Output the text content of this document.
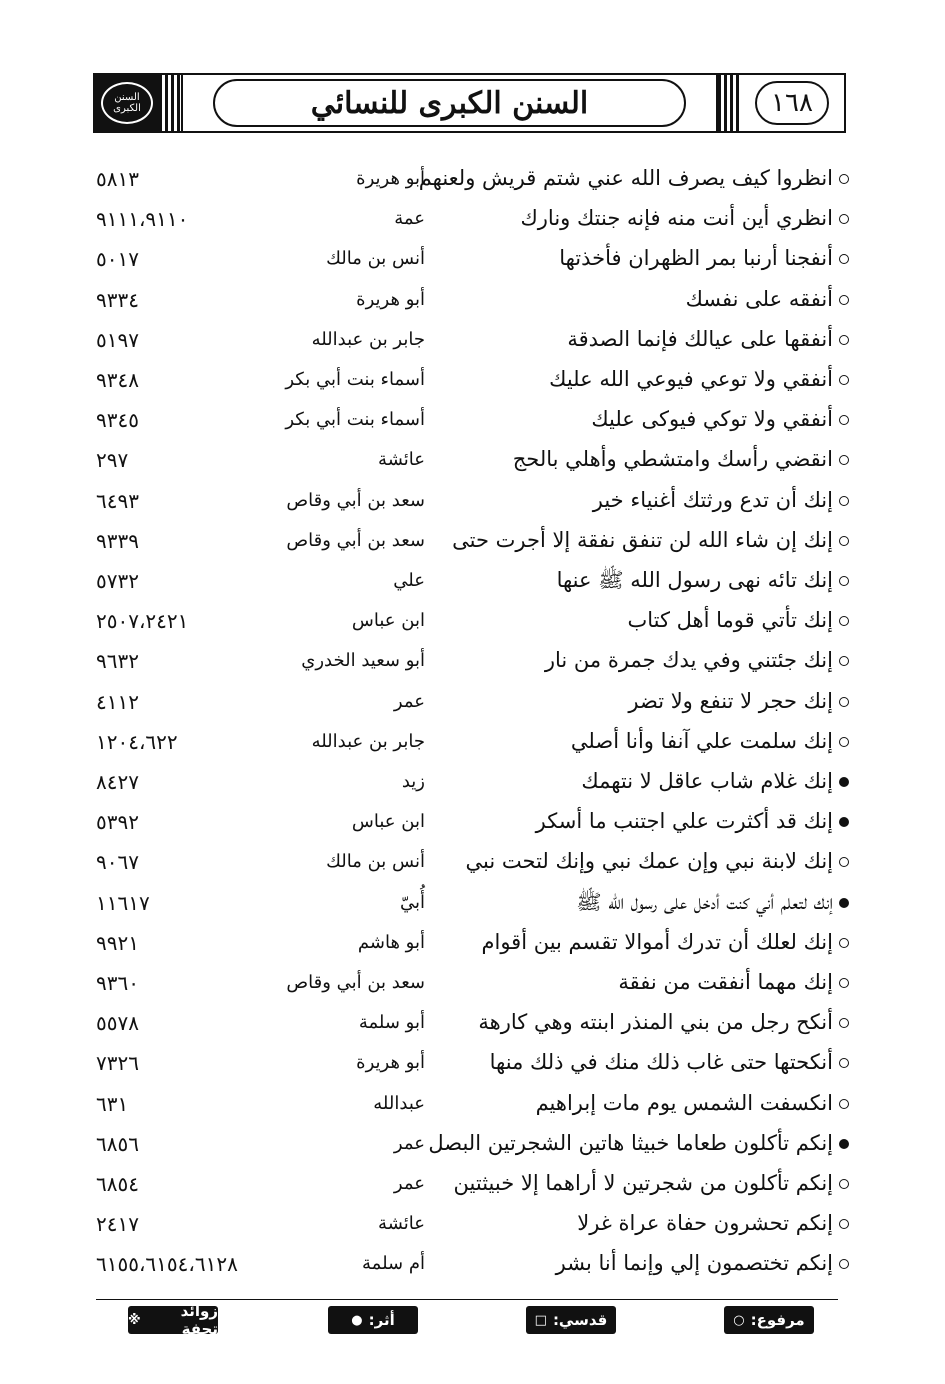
السنن الكبرى	السنن الكبرى للنسائي	١٦٨
انظروا كيف يصرف الله عني شتم قريش ولعنهم
أبو هريرة
٥٨١٣
انظري أين أنت منه فإنه جنتك ونارك
عمة
٩١١١،٩١١٠
أنفجنا أرنبا بمر الظهران فأخذتها
أنس بن مالك
٥٠١٧
أنفقه على نفسك
أبو هريرة
٩٣٣٤
أنفقها على عيالك فإنما الصدقة
جابر بن عبدالله
٥١٩٧
أنفقي ولا توعي فيوعي الله عليك
أسماء بنت أبي بكر
٩٣٤٨
أنفقي ولا توكي فيوكى عليك
أسماء بنت أبي بكر
٩٣٤٥
انقضي رأسك وامتشطي وأهلي بالحج
عائشة
٢٩٧
إنك أن تدع ورثتك أغنياء خير
سعد بن أبي وقاص
٦٤٩٣
إنك إن شاء الله لن تنفق نفقة إلا أجرت حتى
سعد بن أبي وقاص
٩٣٣٩
إنك تائه نهى رسول الله ﷺ عنها
علي
٥٧٣٢
إنك تأتي قوما أهل كتاب
ابن عباس
٢٥٠٧،٢٤٢١
إنك جئتني وفي يدك جمرة من نار
أبو سعيد الخدري
٩٦٣٢
إنك حجر لا تنفع ولا تضر
عمر
٤١١٢
إنك سلمت علي آنفا وأنا أصلي
جابر بن عبدالله
١٢٠٤،٦٢٢
إنك غلام شاب عاقل لا نتهمك
زيد
٨٤٢٧
إنك قد أكثرت علي اجتنب ما أسكر
ابن عباس
٥٣٩٢
إنك لابنة نبي وإن عمك نبي وإنك لتحت نبي
أنس بن مالك
٩٠٦٧
إنك لتعلم أني كنت أدخل على رسول الله ﷺ
أُبيّ
١١٦١٧
إنك لعلك أن تدرك أموالا تقسم بين أقوام
أبو هاشم
٩٩٢١
إنك مهما أنفقت من نفقة
سعد بن أبي وقاص
٩٣٦٠
أنكح رجل من بني المنذر ابنته وهي كارهة
أبو سلمة
٥٥٧٨
أنكحتها حتى غاب ذلك منك في ذلك منها
أبو هريرة
٧٣٢٦
انكسفت الشمس يوم مات إبراهيم
عبدالله
٦٣١
إنكم تأكلون طعاما خبيثا هاتين الشجرتين البصل
عمر
٦٨٥٦
إنكم تأكلون من شجرتين لا أراهما إلا خبيثتين
عمر
٦٨٥٤
إنكم تحشرون حفاة عراة غرلا
عائشة
٢٤١٧
إنكم تختصمون إلي وإنما أنا بشر
أم سلمة
٦١٥٥،٦١٥٤،٦١٢٨
مرفوع:
○
قدسي:
□
أثر:
●
زوائد تحفة
※
